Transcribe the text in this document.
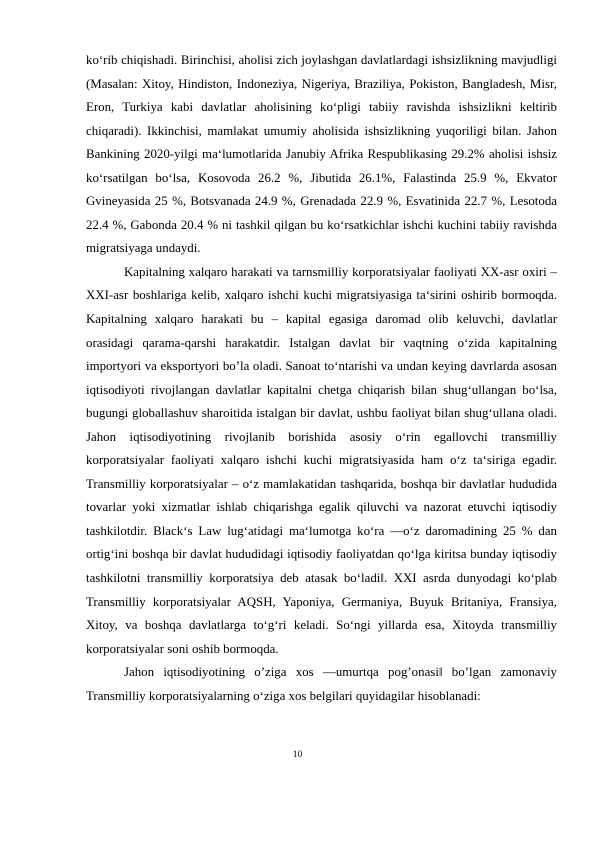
ko‘rib chiqishadi. Birinchisi, aholisi zich joylashgan davlatlardagi ishsizlikning mavjudligi (Masalan: Xitoy, Hindiston, Indoneziya, Nigeriya, Braziliya, Pokiston, Bangladesh, Misr, Eron, Turkiya kabi davlatlar aholisining ko‘pligi tabiiy ravishda ishsizlikni keltirib chiqaradi). Ikkinchisi, mamlakat umumiy aholisida ishsizlikning yuqoriligi bilan. Jahon Bankining 2020-yilgi ma‘lumotlarida Janubiy Afrika Respublikasing 29.2% aholisi ishsiz ko‘rsatilgan bo‘lsa, Kosovoda 26.2 %, Jibutida 26.1%, Falastinda 25.9 %, Ekvator Gvineyasida 25 %, Botsvanada 24.9 %, Grenadada 22.9 %, Esvatinida 22.7 %, Lesotoda 22.4 %, Gabonda 20.4 % ni tashkil qilgan bu ko‘rsatkichlar ishchi kuchini tabiiy ravishda migratsiyaga undaydi.

Kapitalning xalqaro harakati va tarnsmilliy korporatsiyalar faoliyati XX-asr oxiri – XXI-asr boshlariga kelib, xalqaro ishchi kuchi migratsiyasiga ta‘sirini oshirib bormoqda. Kapitalning xalqaro harakati bu – kapital egasiga daromad olib keluvchi, davlatlar orasidagi qarama-qarshi harakatdir. Istalgan davlat bir vaqtning o‘zida kapitalning importyori va eksportyori bo’la oladi. Sanoat to‘ntarishi va undan keying davrlarda asosan iqtisodiyoti rivojlangan davlatlar kapitalni chetga chiqarish bilan shug‘ullangan bo‘lsa, bugungi globallashuv sharoitida istalgan bir davlat, ushbu faoliyat bilan shug‘ullana oladi. Jahon iqtisodiyotining rivojlanib borishida asosiy o‘rin egallovchi transmilliy korporatsiyalar faoliyati xalqaro ishchi kuchi migratsiyasida ham o‘z ta‘siriga egadir. Transmilliy korporatsiyalar – o‘z mamlakatidan tashqarida, boshqa bir davlatlar hududida tovarlar yoki xizmatlar ishlab chiqarishga egalik qiluvchi va nazorat etuvchi iqtisodiy tashkilotdir. Black‘s Law lug‘atidagi ma‘lumotga ko‘ra ―o‘z daromadining 25 % dan ortig‘ini boshqa bir davlat hududidagi iqtisodiy faoliyatdan qo‘lga kiritsa bunday iqtisodiy tashkilotni transmilliy korporatsiya deb atasak bo‘ladi‖. XXI asrda dunyodagi ko‘plab Transmilliy korporatsiyalar AQSH, Yaponiya, Germaniya, Buyuk Britaniya, Fransiya, Xitoy, va boshqa davlatlarga to‘g‘ri keladi. So‘ngi yillarda esa, Xitoyda transmilliy korporatsiyalar soni oshib bormoqda.

Jahon iqtisodiyotining o’ziga xos ―umurtqa pog’onasi‖ bo’lgan zamonaviy Transmilliy korporatsiyalarning o‘ziga xos belgilari quyidagilar hisoblanadi:

10
